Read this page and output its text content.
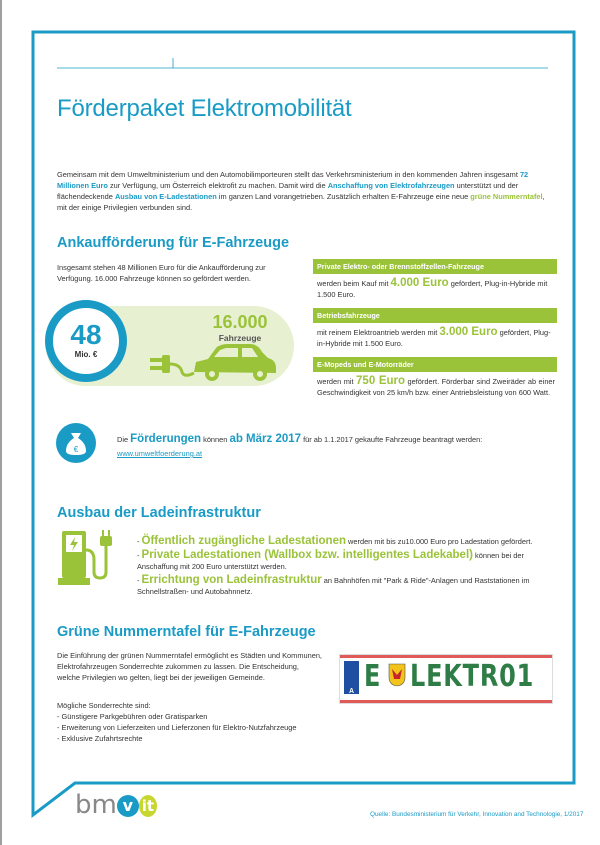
Förderpaket Elektromobilität
Gemeinsam mit dem Umweltministerium und den Automobilimporteuren stellt das Verkehrsministerium in den kommenden Jahren insgesamt 72 Millionen Euro zur Verfügung, um Österreich elektrofit zu machen. Damit wird die Anschaffung von Elektrofahrzeugen unterstützt und der flächendeckende Ausbau von E-Ladestationen im ganzen Land vorangetrieben. Zusätzlich erhalten E-Fahrzeuge eine neue grüne Nummerntafel, mit der einige Privilegien verbunden sind.
Ankaufförderung für E-Fahrzeuge
Insgesamt stehen 48 Millionen Euro für die Ankaufförderung zur Verfügung. 16.000 Fahrzeuge können so gefördert werden.
48
Mio. €
16.000
Fahrzeuge
Private Elektro- oder Brennstoffzellen-Fahrzeuge
werden beim Kauf mit 4.000 Euro gefördert, Plug-in-Hybride mit 1.500 Euro.
Betriebsfahrzeuge
mit reinem Elektroantrieb werden mit 3.000 Euro gefördert, Plug-in-Hybride mit 1.500 Euro.
E-Mopeds und E-Motorräder
werden mit 750 Euro gefördert. Förderbar sind Zweiräder ab einer Geschwindigkeit von 25 km/h bzw. einer Antriebsleistung von 600 Watt.
€
Die Förderungen können ab März 2017 für ab 1.1.2017 gekaufte Fahrzeuge beantragt werden:
www.umweltfoerderung.at
Ausbau der Ladeinfrastruktur
- Öffentlich zugängliche Ladestationen werden mit bis zu10.000 Euro pro Ladestation gefördert.
- Private Ladestationen (Wallbox bzw. intelligentes Ladekabel) können bei der Anschaffung mit 200 Euro unterstützt werden.
- Errichtung von Ladeinfrastruktur an Bahnhöfen mit "Park & Ride"-Anlagen und Raststationen im Schnellstraßen- und Autobahnnetz.
Grüne Nummerntafel für E-Fahrzeuge
Die Einführung der grünen Nummerntafel ermöglicht es Städten und Kommunen, Elektrofahrzeugen Sonderrechte zukommen zu lassen. Die Entscheidung, welche Privilegien wo gelten, liegt bei der jeweiligen Gemeinde.
Mögliche Sonderrechte sind:
- Günstigere Parkgebühren oder Gratisparken
- Erweiterung von Lieferzeiten und Lieferzonen für Elektro-Nutzfahrzeuge
- Exklusive Zufahrtsrechte
A E LEKTR01
bm v it	Quelle: Bundesministerium für Verkehr, Innovation and Technologie, 1/2017
